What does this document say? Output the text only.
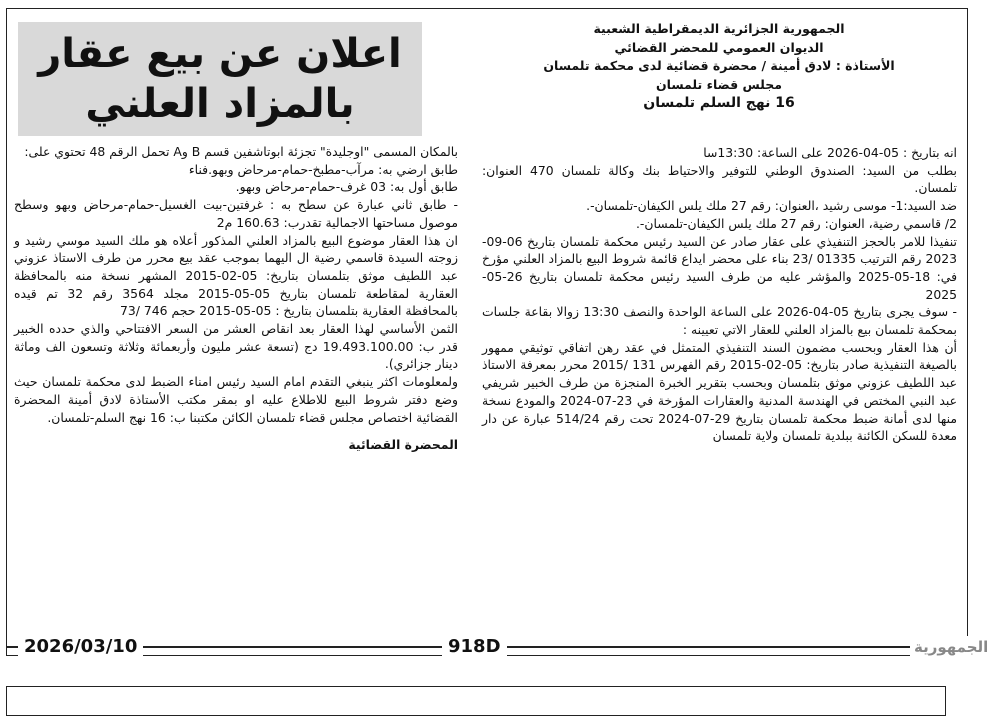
اعلان عن بيع عقار
بالمزاد العلني
الجمهورية الجزائرية الديمقراطية الشعبية
الديوان العمومي للمحضر القضائي
الأستاذة : لادق أمينة / محضرة قضائية لدى محكمة تلمسان
مجلس قضاء تلمسان
16 نهج السلم تلمسان

انه بتاريخ : 05-04-2026 على الساعة: 13:30سا

بطلب من السيد: الصندوق الوطني للتوفير والاحتياط بنك وكالة تلمسان 470 العنوان: تلمسان.

ضد السيد:1- موسى رشيد ،العنوان: رقم 27 ملك يلس الكيفان-تلمسان-.

2/ قاسمي رضية، العنوان: رقم 27 ملك يلس الكيفان-تلمسان-.

تنفيذا للامر بالحجز التنفيذي على عقار صادر عن السيد رئيس محكمة تلمسان بتاريخ 06-09-2023 رقم الترتيب 01335 /23 بناء على محضر ايداع قائمة شروط البيع بالمزاد العلني مؤرخ في: 18-05-2025 والمؤشر عليه من طرف السيد رئيس محكمة تلمسان بتاريخ 26-05-2025

- سوف يجرى بتاريخ 05-04-2026 على الساعة الواحدة والنصف 13:30 زوالا بقاعة جلسات بمحكمة تلمسان بيع بالمزاد العلني للعقار الاتي تعيينه :

أن هذا العقار وبحسب مضمون السند التنفيذي المتمثل في عقد رهن اتفاقي توثيقي ممهور بالصيغة التنفيذية صادر بتاريخ: 05-02-2015 رقم الفهرس 131 /2015 محرر بمعرفة الاستاذ عبد اللطيف عزوني موثق بتلمسان وبحسب بتقرير الخبرة المنجزة من طرف الخبير شريفي عبد النبي المختص في الهندسة المدنية والعقارات المؤرخة في 23-07-2024 والمودع نسخة منها لدى أمانة ضبط محكمة تلمسان بتاريخ 29-07-2024 تحت رقم 514/24 عبارة عن دار معدة للسكن الكائنة ببلدية تلمسان ولاية تلمسان

بالمكان المسمى "اوجليدة" تجزئة ابوتاشفين قسم B وA تحمل الرقم 48 تحتوي على:

طابق ارضي به: مرآب-مطبخ-حمام-مرحاض وبهو.فناء

طابق أول به: 03 غرف-حمام-مرحاض وبهو.

- طابق ثاني عبارة عن سطح به : غرفتين-بيت الغسيل-حمام-مرحاض وبهو وسطح موصول مساحتها الاجمالية تقدرب: 160.63 م2

ان هذا العقار موضوع البيع بالمزاد العلني المذكور أعلاه هو ملك السيد موسي رشيد و زوجته السيدة قاسمي رضية ال اليهما بموجب عقد بيع محرر من طرف الاستاذ عزوني عبد اللطيف موثق بتلمسان بتاريخ: 05-02-2015 المشهر نسخة منه بالمحافظة العقارية لمقاطعة تلمسان بتاريخ 05-05-2015 مجلد 3564 رقم 32 تم قيده بالمحافظة العقارية بتلمسان بتاريخ : 05-05-2015 حجم 746 /73

الثمن الأساسي لهذا العقار بعد انقاص العشر من السعر الافتتاحي والذي حدده الخبير قدر ب: 19.493.100.00 دج (تسعة عشر مليون وأربعمائة وثلاثة وتسعون الف وماثة دينار جزائري).

ولمعلومات اكثر ينبغي التقدم امام السيد رئيس امناء الضبط لدى محكمة تلمسان حيث وضع دفتر شروط البيع للاطلاع عليه او بمقر مكتب الأستاذة لادق أمينة المحضرة القضائية اختصاص مجلس قضاء تلمسان الكائن مكتبنا ب: 16 نهج السلم-تلمسان.

المحضرة القضائية

2026/03/10	918D	الجمهورية
